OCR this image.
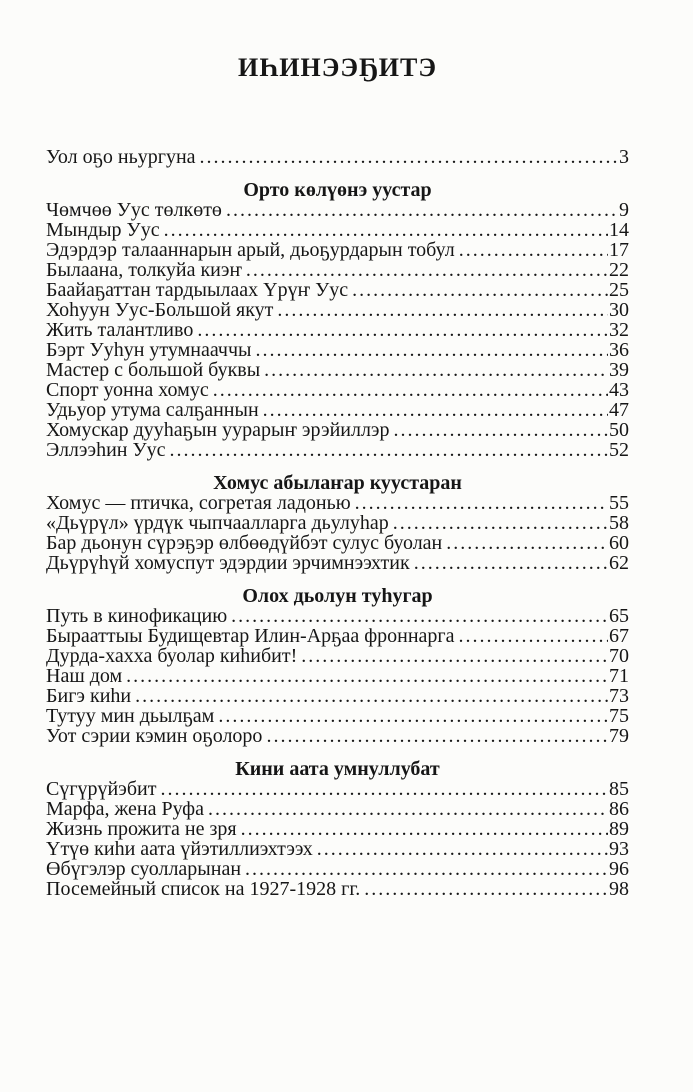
ИҺИНЭЭҔИТЭ
Уол оҕо ньургуна .....	3
Орто көлүөнэ уустар
Чөмчөө Уус төлкөтө .....	9
Мындыр Уус .....	14
Эдэрдэр талааннарын арый, дьоҕурдарын тобул .....	17
Былаана, толкуйа киэҥ .....	22
Баайаҕаттан тардыылаах Үрүҥ Уус .....	25
Хоһуун Уус-Большой якут .....	30
Жить талантливо .....	32
Бэрт Ууһун утумнааччы .....	36
Мастер с большой буквы .....	39
Спорт уонна хомус .....	43
Удьуор утума салҕаннын .....	47
Хомускар дууһаҕын уурарыҥ эрэйиллэр .....	50
Эллээһин Уус .....	52
Хомус абылаҥар куустаран
Хомус — птичка, согретая ладонью .....	55
«Дьүрүл» үрдүк чыпчаалларга дьулуһар .....	58
Бар дьонун сүрэҕэр өлбөөдүйбэт сулус буолан .....	60
Дьүрүһүй хомуспут эдэрдии эрчимнээхтик .....	62
Олох дьолун туһугар
Путь в кинофикацию .....	65
Бырааттыы Будищевтар Илин-Арҕаа фроннарга .....	67
Дурда-хахха буолар киһибит! .....	70
Наш дом .....	71
Бигэ киһи .....	73
Тутуу мин дьылҕам .....	75
Уот сэрии кэмин оҕолоро .....	79
Кини аата умнуллубат
Сүгүрүйэбит .....	85
Марфа, жена Руфа .....	86
Жизнь прожита не зря .....	89
Үтүө киһи аата үйэтиллиэхтээх .....	93
Өбүгэлэр суолларынан .....	96
Посемейный список на 1927-1928 гг. .....	98
